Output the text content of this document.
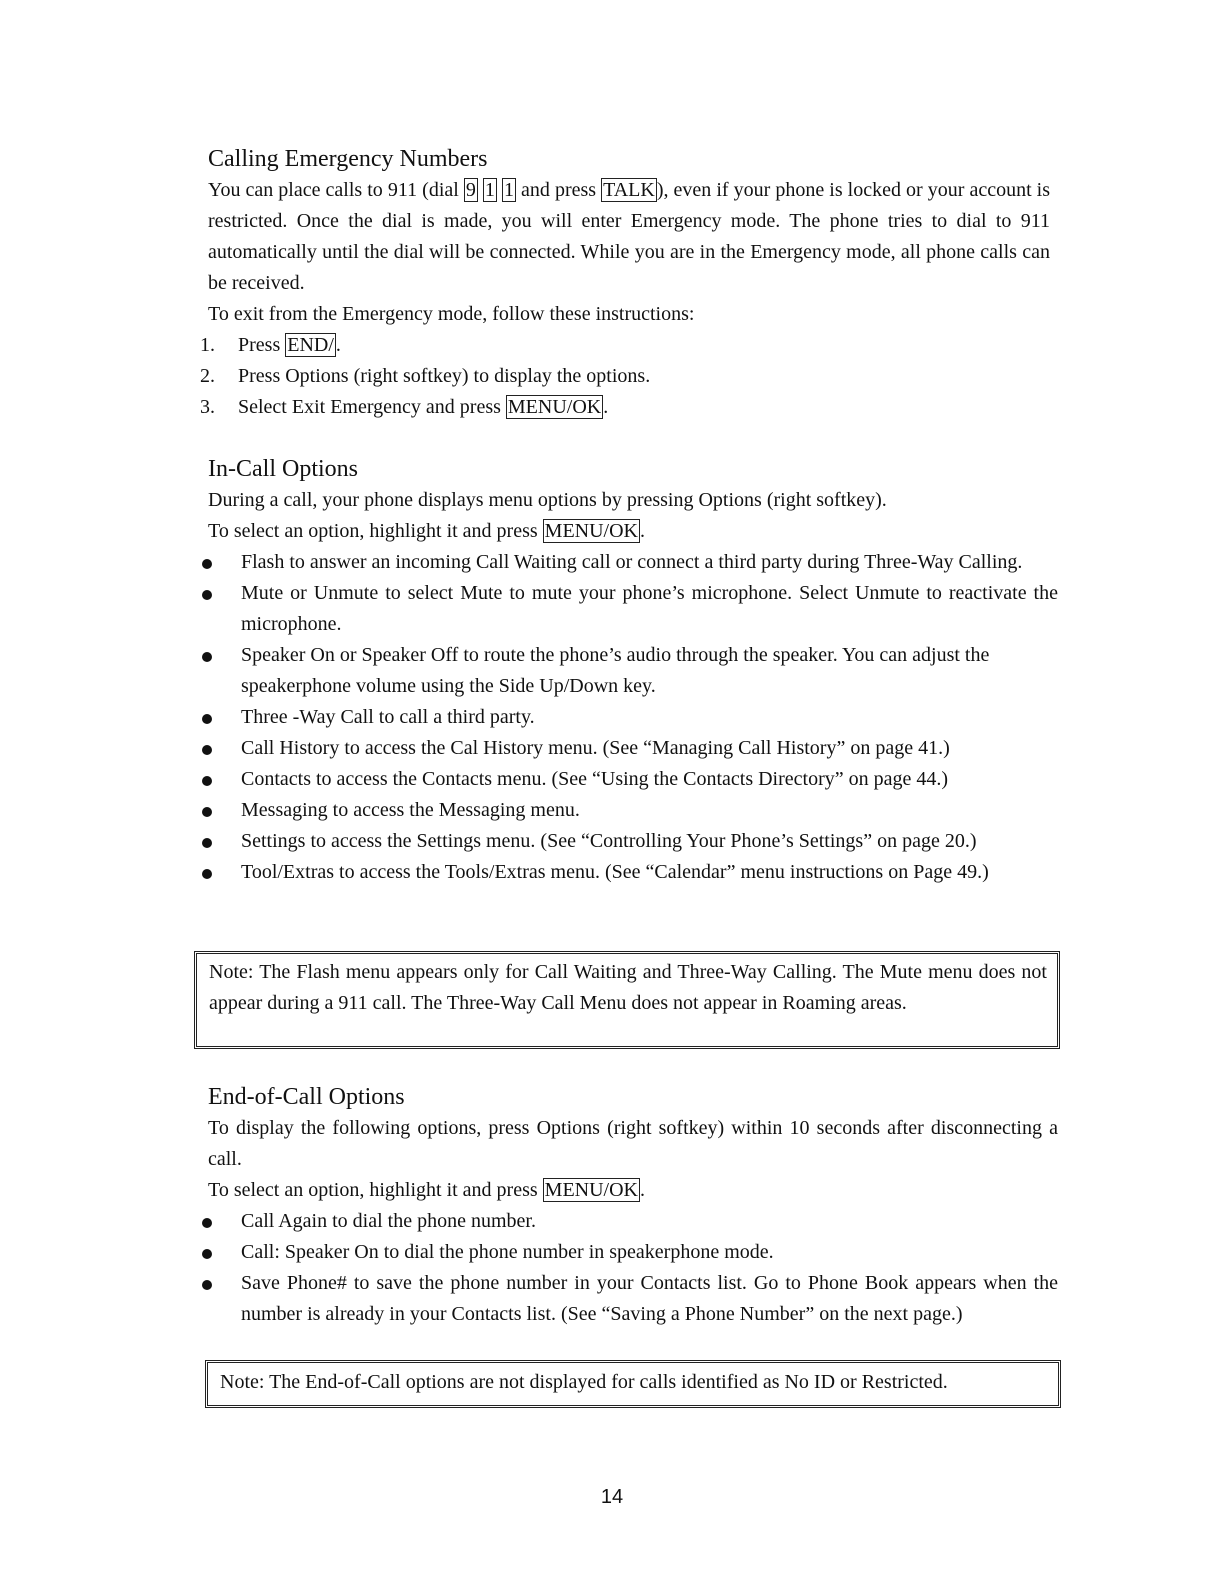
Calling Emergency Numbers

You can place calls to 911 (dial 9 1 1 and press TALK ), even if your phone is locked or your account is restricted. Once the dial is made, you will enter Emergency mode. The phone tries to dial to 911 automatically until the dial will be connected. While you are in the Emergency mode, all phone calls can be received.

To exit from the Emergency mode, follow these instructions:

1. Press END/ .
2. Press Options (right softkey) to display the options.
3. Select Exit Emergency and press MENU/OK .
In-Call Options

During a call, your phone displays menu options by pressing Options (right softkey).

To select an option, highlight it and press MENU/OK .

Flash to answer an incoming Call Waiting call or connect a third party during Three-Way Calling.
Mute or Unmute to select Mute to mute your phone’s microphone. Select Unmute to reactivate the microphone.
Speaker On or Speaker Off to route the phone’s audio through the speaker. You can adjust the speakerphone volume using the Side Up/Down key.
Three -Way Call to call a third party.
Call History to access the Cal History menu. (See “Managing Call History” on page 41.)
Contacts to access the Contacts menu. (See “Using the Contacts Directory” on page 44.)
Messaging to access the Messaging menu.
Settings to access the Settings menu. (See “Controlling Your Phone’s Settings” on page 20.)
Tool/Extras to access the Tools/Extras menu. (See “Calendar” menu instructions on Page 49.)

Note: The Flash menu appears only for Call Waiting and Three-Way Calling. The Mute menu does not appear during a 911 call. The Three-Way Call Menu does not appear in Roaming areas.

End-of-Call Options

To display the following options, press Options (right softkey) within 10 seconds after disconnecting a call.

To select an option, highlight it and press MENU/OK .

Call Again to dial the phone number.
Call: Speaker On to dial the phone number in speakerphone mode.
Save Phone# to save the phone number in your Contacts list. Go to Phone Book appears when the number is already in your Contacts list. (See “Saving a Phone Number” on the next page.)

Note: The End-of-Call options are not displayed for calls identified as No ID or Restricted.

14
